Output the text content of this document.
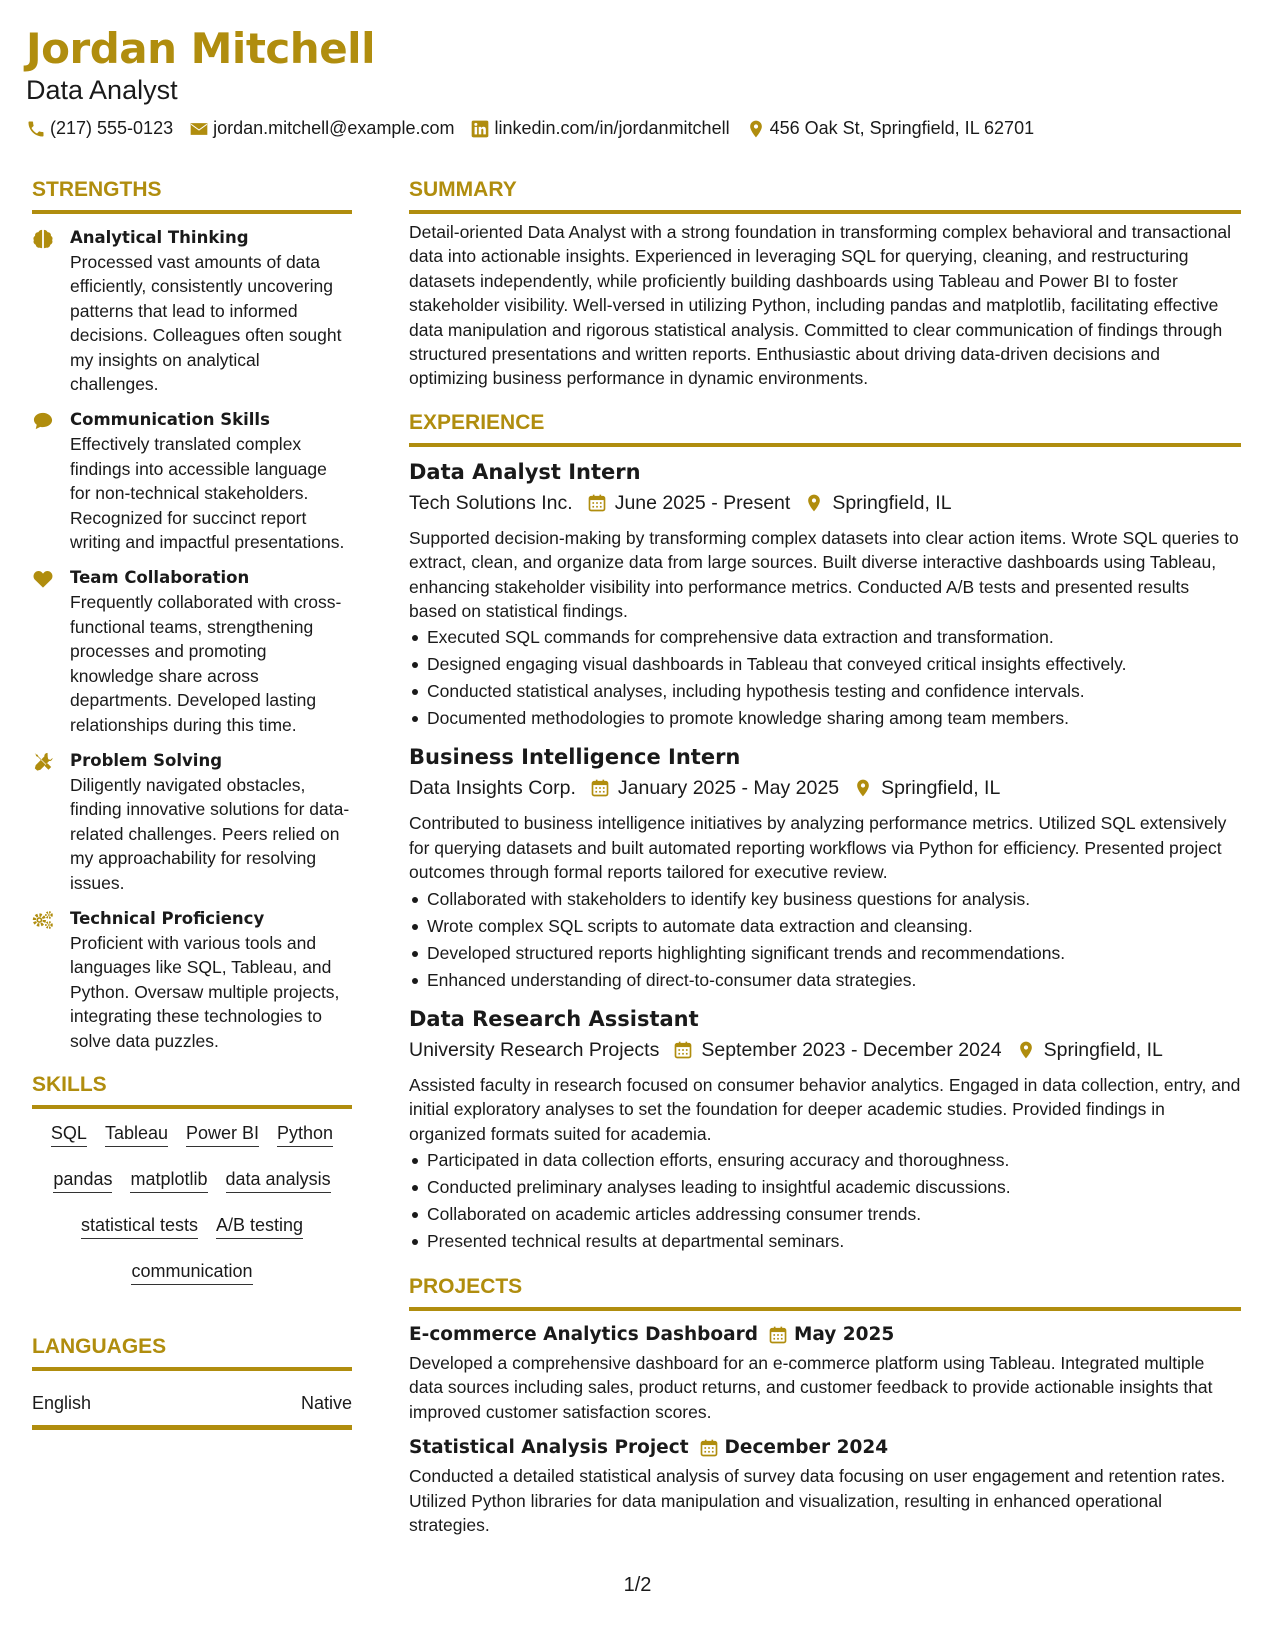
Jordan Mitchell
Data Analyst
(217) 555-0123 jordan.mitchell@example.com linkedin.com/in/jordanmitchell 456 Oak St, Springfield, IL 62701
STRENGTHS
Analytical Thinking
Processed vast amounts of data efficiently, consistently uncovering patterns that lead to informed decisions. Colleagues often sought my insights on analytical challenges.
Communication Skills
Effectively translated complex findings into accessible language for non-technical stakeholders. Recognized for succinct report writing and impactful presentations.
Team Collaboration
Frequently collaborated with cross-functional teams, strengthening processes and promoting knowledge share across departments. Developed lasting relationships during this time.
Problem Solving
Diligently navigated obstacles, finding innovative solutions for data-related challenges. Peers relied on my approachability for resolving issues.
Technical Proficiency
Proficient with various tools and languages like SQL, Tableau, and Python. Oversaw multiple projects, integrating these technologies to solve data puzzles.
SKILLS
SQL Tableau Power BI Python
pandas matplotlib data analysis
statistical tests A/B testing
communication
LANGUAGES
English	Native
SUMMARY
Detail-oriented Data Analyst with a strong foundation in transforming complex behavioral and transactional data into actionable insights. Experienced in leveraging SQL for querying, cleaning, and restructuring datasets independently, while proficiently building dashboards using Tableau and Power BI to foster stakeholder visibility. Well-versed in utilizing Python, including pandas and matplotlib, facilitating effective data manipulation and rigorous statistical analysis. Committed to clear communication of findings through structured presentations and written reports. Enthusiastic about driving data-driven decisions and optimizing business performance in dynamic environments.
EXPERIENCE
Data Analyst Intern
Tech Solutions Inc. June 2025 - Present Springfield, IL
Supported decision-making by transforming complex datasets into clear action items. Wrote SQL queries to extract, clean, and organize data from large sources. Built diverse interactive dashboards using Tableau, enhancing stakeholder visibility into performance metrics. Conducted A/B tests and presented results based on statistical findings.
Executed SQL commands for comprehensive data extraction and transformation.
Designed engaging visual dashboards in Tableau that conveyed critical insights effectively.
Conducted statistical analyses, including hypothesis testing and confidence intervals.
Documented methodologies to promote knowledge sharing among team members.
Business Intelligence Intern
Data Insights Corp. January 2025 - May 2025 Springfield, IL
Contributed to business intelligence initiatives by analyzing performance metrics. Utilized SQL extensively for querying datasets and built automated reporting workflows via Python for efficiency. Presented project outcomes through formal reports tailored for executive review.
Collaborated with stakeholders to identify key business questions for analysis.
Wrote complex SQL scripts to automate data extraction and cleansing.
Developed structured reports highlighting significant trends and recommendations.
Enhanced understanding of direct-to-consumer data strategies.
Data Research Assistant
University Research Projects September 2023 - December 2024 Springfield, IL
Assisted faculty in research focused on consumer behavior analytics. Engaged in data collection, entry, and initial exploratory analyses to set the foundation for deeper academic studies. Provided findings in organized formats suited for academia.
Participated in data collection efforts, ensuring accuracy and thoroughness.
Conducted preliminary analyses leading to insightful academic discussions.
Collaborated on academic articles addressing consumer trends.
Presented technical results at departmental seminars.
PROJECTS
E-commerce Analytics Dashboard May 2025
Developed a comprehensive dashboard for an e-commerce platform using Tableau. Integrated multiple data sources including sales, product returns, and customer feedback to provide actionable insights that improved customer satisfaction scores.
Statistical Analysis Project December 2024
Conducted a detailed statistical analysis of survey data focusing on user engagement and retention rates. Utilized Python libraries for data manipulation and visualization, resulting in enhanced operational strategies.
1/2
